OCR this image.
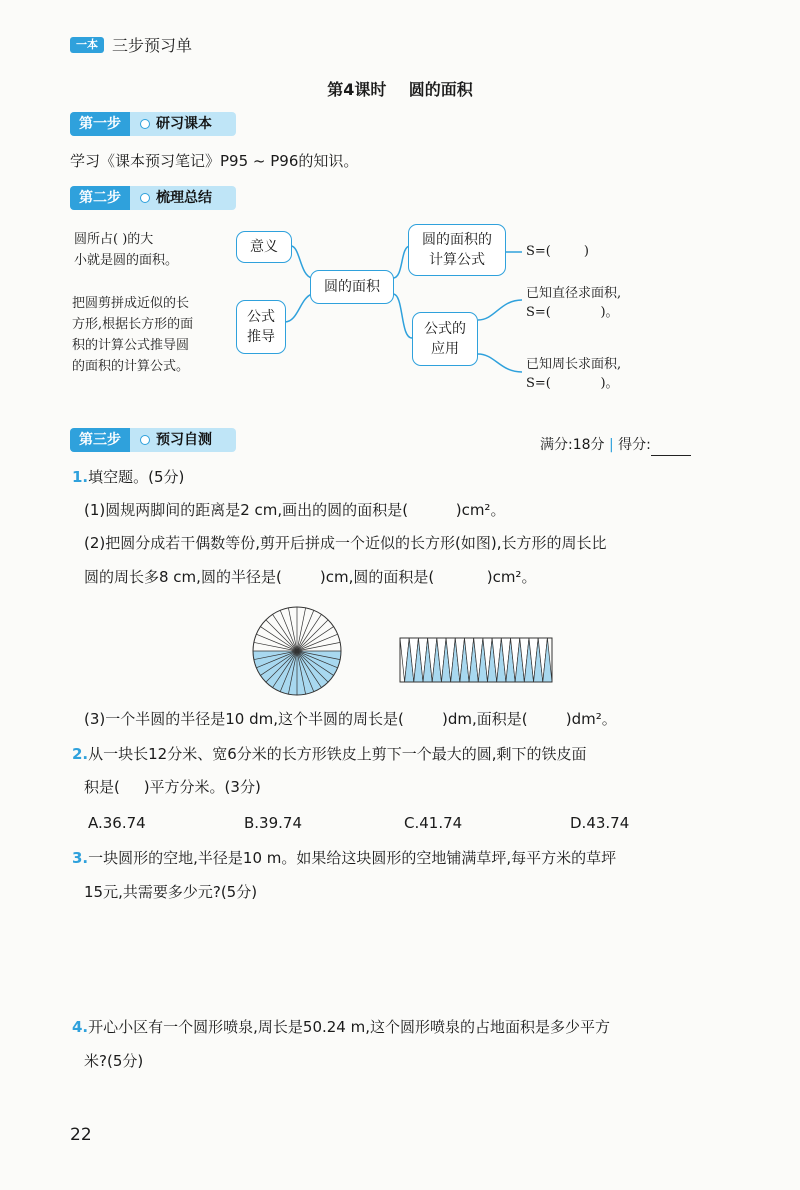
一本 三步预习单
第4课时    圆的面积
第一步	研习课本
学习《课本预习笔记》P95 ~ P96的知识。
第二步	梳理总结
圆所占( )的大
小就是圆的面积。
把圆剪拼成近似的长
方形,根据长方形的面
积的计算公式推导圆
的面积的计算公式。
意义
公式
推导
圆的面积
圆的面积的
计算公式
S=(        )
公式的
应用
已知直径求面积,
S=(            )。
已知周长求面积,
S=(            )。
第三步	预习自测	满分:18分 | 得分:
1.填空题。(5分)
(1)圆规两脚间的距离是2 cm,画出的圆的面积是(          )cm²。
(2)把圆分成若干偶数等份,剪开后拼成一个近似的长方形(如图),长方形的周长比
圆的周长多8 cm,圆的半径是(        )cm,圆的面积是(           )cm²。
(3)一个半圆的半径是10 dm,这个半圆的周长是(        )dm,面积是(        )dm²。
2.从一块长12分米、宽6分米的长方形铁皮上剪下一个最大的圆,剩下的铁皮面
积是(     )平方分米。(3分)
A.36.74	B.39.74	C.41.74	D.43.74
3.一块圆形的空地,半径是10 m。如果给这块圆形的空地铺满草坪,每平方米的草坪
15元,共需要多少元?(5分)
4.开心小区有一个圆形喷泉,周长是50.24 m,这个圆形喷泉的占地面积是多少平方
米?(5分)
22
